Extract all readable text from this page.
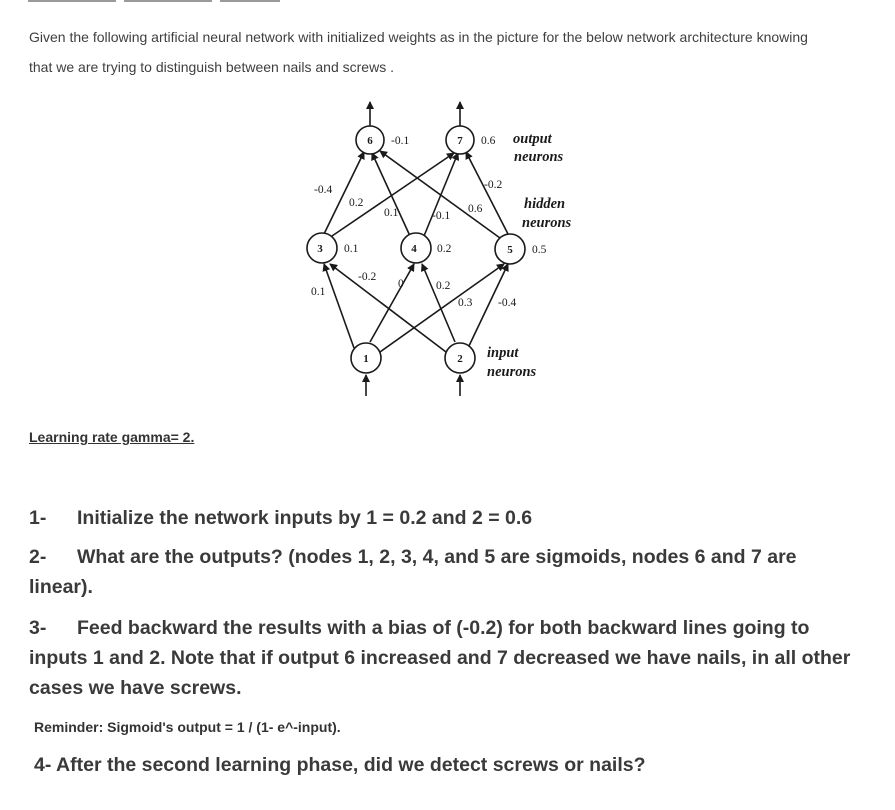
Given the following artificial neural network with initialized weights as in the picture for the below network architecture knowing
that we are trying to distinguish between nails and screws .
6	7
3	4	5
1	2
-0.1	0.6
0.1	0.2	0.5
-0.4
0.2
0.1	-0.1
0.6
-0.2
0.1
-0.2
0	0.2
0.3 -0.4
output
neurons
hidden
neurons
input
neurons
Learning rate gamma= 2.
1- Initialize the network inputs by 1 = 0.2 and 2 = 0.6
2- What are the outputs? (nodes 1, 2, 3, 4, and 5 are sigmoids, nodes 6 and 7 are
linear).
3- Feed backward the results with a bias of (-0.2) for both backward lines going to
inputs 1 and 2. Note that if output 6 increased and 7 decreased we have nails, in all other
cases we have screws.
Reminder: Sigmoid's output = 1 / (1- e^-input).
4- After the second learning phase, did we detect screws or nails?
